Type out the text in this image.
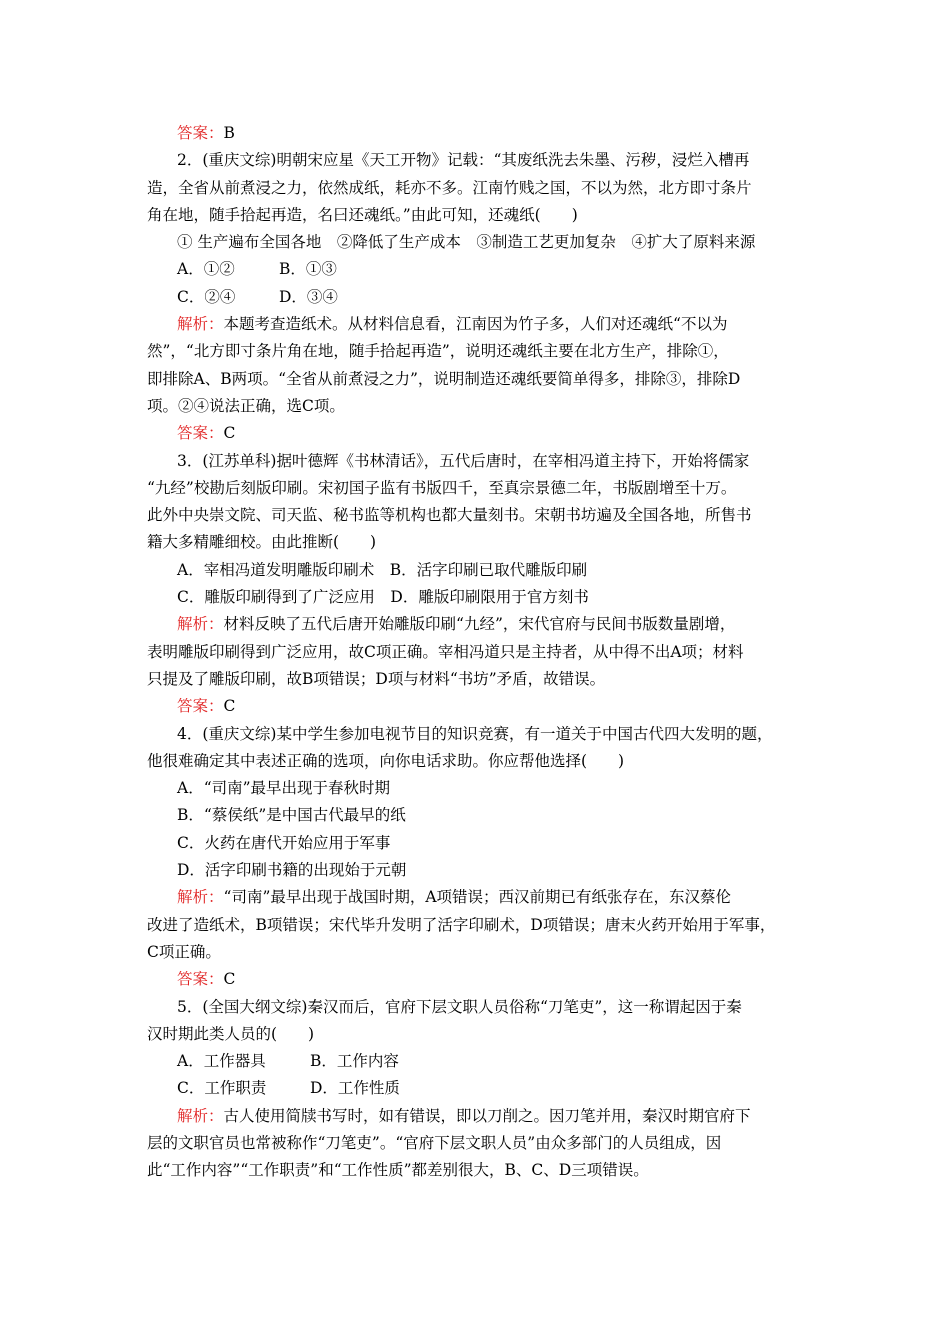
答案：B
2．(重庆文综)明朝宋应星《天工开物》记载：“其废纸洗去朱墨、污秽，浸烂入槽再
造，全省从前煮浸之力，依然成纸，耗亦不多。江南竹贱之国，不以为然，北方即寸条片
角在地，随手拾起再造，名曰还魂纸。”由此可知，还魂纸(　　)
① 生产遍布全国各地　②降低了生产成本　③制造工艺更加复杂　④扩大了原料来源
A．①②	B．①③
C．②④	D．③④
解析：本题考查造纸术。从材料信息看，江南因为竹子多，人们对还魂纸“不以为
然”，“北方即寸条片角在地，随手拾起再造”，说明还魂纸主要在北方生产，排除①，
即排除A、B两项。“全省从前煮浸之力”，说明制造还魂纸要简单得多，排除③，排除D
项。②④说法正确，选C项。
答案：C
3．(江苏单科)据叶德辉《书林清话》，五代后唐时，在宰相冯道主持下，开始将儒家
“九经”校勘后刻版印刷。宋初国子监有书版四千，至真宗景德二年，书版剧增至十万。
此外中央崇文院、司天监、秘书监等机构也都大量刻书。宋朝书坊遍及全国各地，所售书
籍大多精雕细校。由此推断(　　)
A．宰相冯道发明雕版印刷术　 B．活字印刷已取代雕版印刷
C．雕版印刷得到了广泛应用　 D．雕版印刷限用于官方刻书
解析：材料反映了五代后唐开始雕版印刷“九经”，宋代官府与民间书版数量剧增，
表明雕版印刷得到广泛应用，故C项正确。宰相冯道只是主持者，从中得不出A项；材料
只提及了雕版印刷，故B项错误；D项与材料“书坊”矛盾，故错误。
答案：C
4．(重庆文综)某中学生参加电视节目的知识竞赛，有一道关于中国古代四大发明的题，
他很难确定其中表述正确的选项，向你电话求助。你应帮他选择(　　)
A．“司南”最早出现于春秋时期
B．“蔡侯纸”是中国古代最早的纸
C．火药在唐代开始应用于军事
D．活字印刷书籍的出现始于元朝
解析：“司南”最早出现于战国时期，A项错误；西汉前期已有纸张存在，东汉蔡伦
改进了造纸术，B项错误；宋代毕升发明了活字印刷术，D项错误；唐末火药开始用于军事，
C项正确。
答案：C
5．(全国大纲文综)秦汉而后，官府下层文职人员俗称“刀笔吏”，这一称谓起因于秦
汉时期此类人员的(　　)
A．工作器具	B．工作内容
C．工作职责	D．工作性质
解析：古人使用简牍书写时，如有错误，即以刀削之。因刀笔并用，秦汉时期官府下
层的文职官员也常被称作“刀笔吏”。“官府下层文职人员”由众多部门的人员组成，因
此“工作内容”“工作职责”和“工作性质”都差别很大，B、C、D三项错误。
